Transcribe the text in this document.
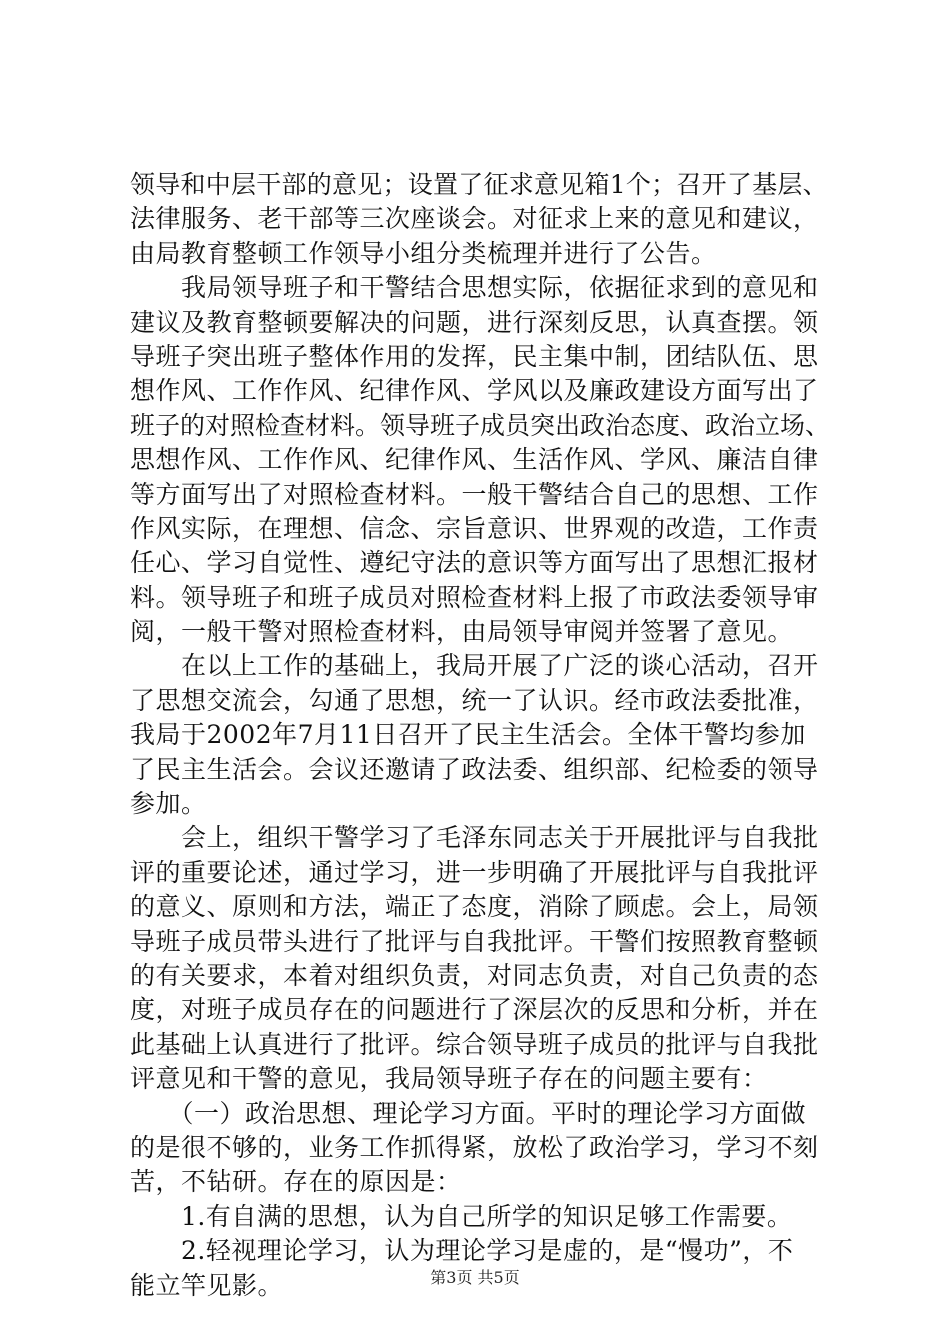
领导和中层干部的意见；设置了征求意见箱1个；召开了基层、
法律服务、老干部等三次座谈会。对征求上来的意见和建议，
由局教育整顿工作领导小组分类梳理并进行了公告。
　　我局领导班子和干警结合思想实际，依据征求到的意见和
建议及教育整顿要解决的问题，进行深刻反思，认真查摆。领
导班子突出班子整体作用的发挥，民主集中制，团结队伍、思
想作风、工作作风、纪律作风、学风以及廉政建设方面写出了
班子的对照检查材料。领导班子成员突出政治态度、政治立场、
思想作风、工作作风、纪律作风、生活作风、学风、廉洁自律
等方面写出了对照检查材料。一般干警结合自己的思想、工作
作风实际，在理想、信念、宗旨意识、世界观的改造，工作责
任心、学习自觉性、遵纪守法的意识等方面写出了思想汇报材
料。领导班子和班子成员对照检查材料上报了市政法委领导审
阅，一般干警对照检查材料，由局领导审阅并签署了意见。
　　在以上工作的基础上，我局开展了广泛的谈心活动，召开
了思想交流会，勾通了思想，统一了认识。经市政法委批准，
我局于2002年7月11日召开了民主生活会。全体干警均参加
了民主生活会。会议还邀请了政法委、组织部、纪检委的领导
参加。
　　会上，组织干警学习了毛泽东同志关于开展批评与自我批
评的重要论述，通过学习，进一步明确了开展批评与自我批评
的意义、原则和方法，端正了态度，消除了顾虑。会上，局领
导班子成员带头进行了批评与自我批评。干警们按照教育整顿
的有关要求，本着对组织负责，对同志负责，对自己负责的态
度，对班子成员存在的问题进行了深层次的反思和分析，并在
此基础上认真进行了批评。综合领导班子成员的批评与自我批
评意见和干警的意见，我局领导班子存在的问题主要有：
　　（一）政治思想、理论学习方面。平时的理论学习方面做
的是很不够的，业务工作抓得紧，放松了政治学习，学习不刻
苦，不钻研。存在的原因是：
　　1.有自满的思想，认为自己所学的知识足够工作需要。
　　2.轻视理论学习，认为理论学习是虚的，是“慢功”，不
能立竿见影。	第3页 共5页
